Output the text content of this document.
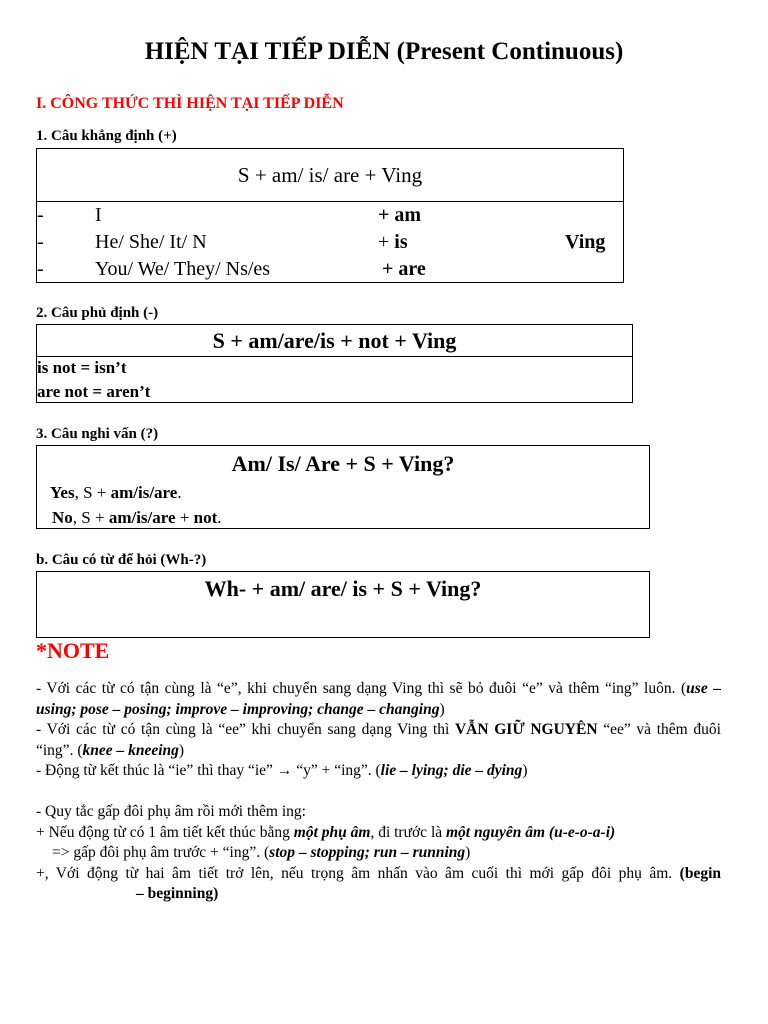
HIỆN TẠI TIẾP DIỄN (Present Continuous)
I. CÔNG THỨC THÌ HIỆN TẠI TIẾP DIỄN
1. Câu khẳng định (+)
S + am/ is/ are + Ving
-	I	+ am
-	He/ She/ It/ N	+ is	Ving
-	You/ We/ They/ Ns/es	+ are
2. Câu phủ định (-)
S + am/are/is + not + Ving
is not = isn’t
are not = aren’t
3. Câu nghi vấn (?)
Am/ Is/ Are + S + Ving?
Yes, S + am/is/are.
No, S + am/is/are + not.
b. Câu có từ để hỏi (Wh-?)
Wh- + am/ are/ is + S + Ving?
*NOTE

- Với các từ có tận cùng là “e”, khi chuyển sang dạng Ving thì sẽ bỏ đuôi “e” và thêm “ing” luôn. (use – using; pose – posing; improve – improving; change – changing)

- Với các từ có tận cùng là “ee” khi chuyển sang dạng Ving thì VẪN GIỮ NGUYÊN “ee” và thêm đuôi “ing”. (knee – kneeing)

- Động từ kết thúc là “ie” thì thay “ie” → “y” + “ing”. (lie – lying; die – dying)

- Quy tắc gấp đôi phụ âm rồi mới thêm ing:

+ Nếu động từ có 1 âm tiết kết thúc bằng một phụ âm, đi trước là một nguyên âm (u-e-o-a-i)

=> gấp đôi phụ âm trước + “ing”. (stop – stopping; run – running)

+, Với động từ hai âm tiết trở lên, nếu trọng âm nhấn vào âm cuối thì mới gấp đôi phụ âm. (begin– beginning)
